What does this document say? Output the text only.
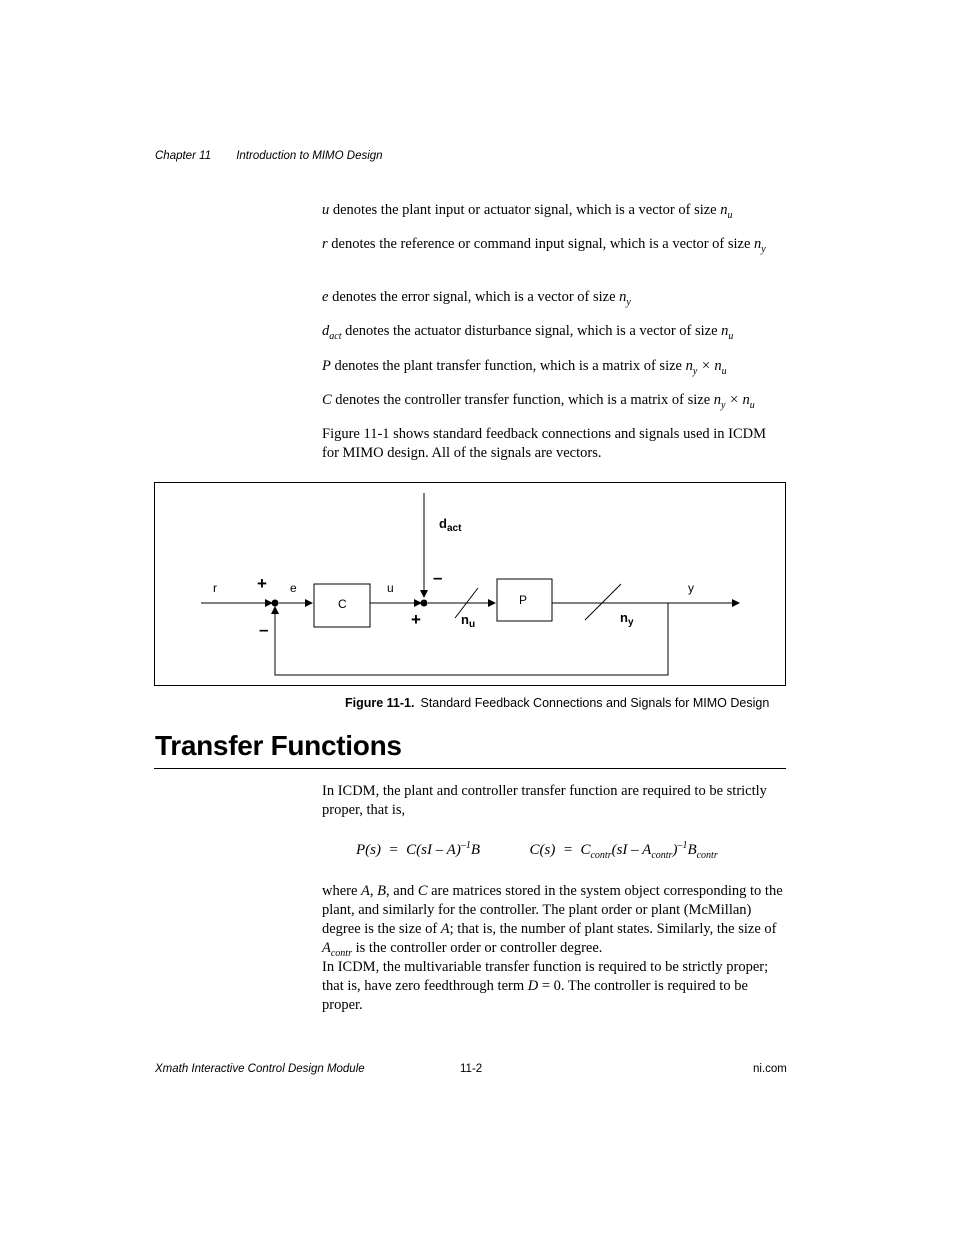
Chapter 11 Introduction to MIMO Design
u denotes the plant input or actuator signal, which is a vector of size $n_u$
r denotes the reference or command input signal, which is a vector of size $n_y$
e denotes the error signal, which is a vector of size $n_y$
$d_{act}$ denotes the actuator disturbance signal, which is a vector of size $n_u$
P denotes the plant transfer function, which is a matrix of size $n_y \times n_u$
C denotes the controller transfer function, which is a matrix of size $n_y \times n_u$
Figure 11-1 shows standard feedback connections and signals used in ICDM for MIMO design. All of the signals are vectors.
r	e	u	y
C	P
+
–
–
+
$d_{act}$
$n_u$	$n_y$
Figure 11-1. Standard Feedback Connections and Signals for MIMO Design
Transfer Functions
In ICDM, the plant and controller transfer function are required to be strictly proper, that is,
P(s)  =  C(sI – A)$^{-1}$B	$C(s) = C_{contr}(sI - A_{contr})^{-1}B_{contr}$
where A, B, and C are matrices stored in the system object corresponding to the plant, and similarly for the controller. The plant order or plant (McMillan) degree is the size of A; that is, the number of plant states. Similarly, the size of $A_{contr}$ is the controller order or controller degree.
In ICDM, the multivariable transfer function is required to be strictly proper; that is, have zero feedthrough term D = 0. The controller is required to be proper.
Xmath Interactive Control Design Module	11-2	ni.com
